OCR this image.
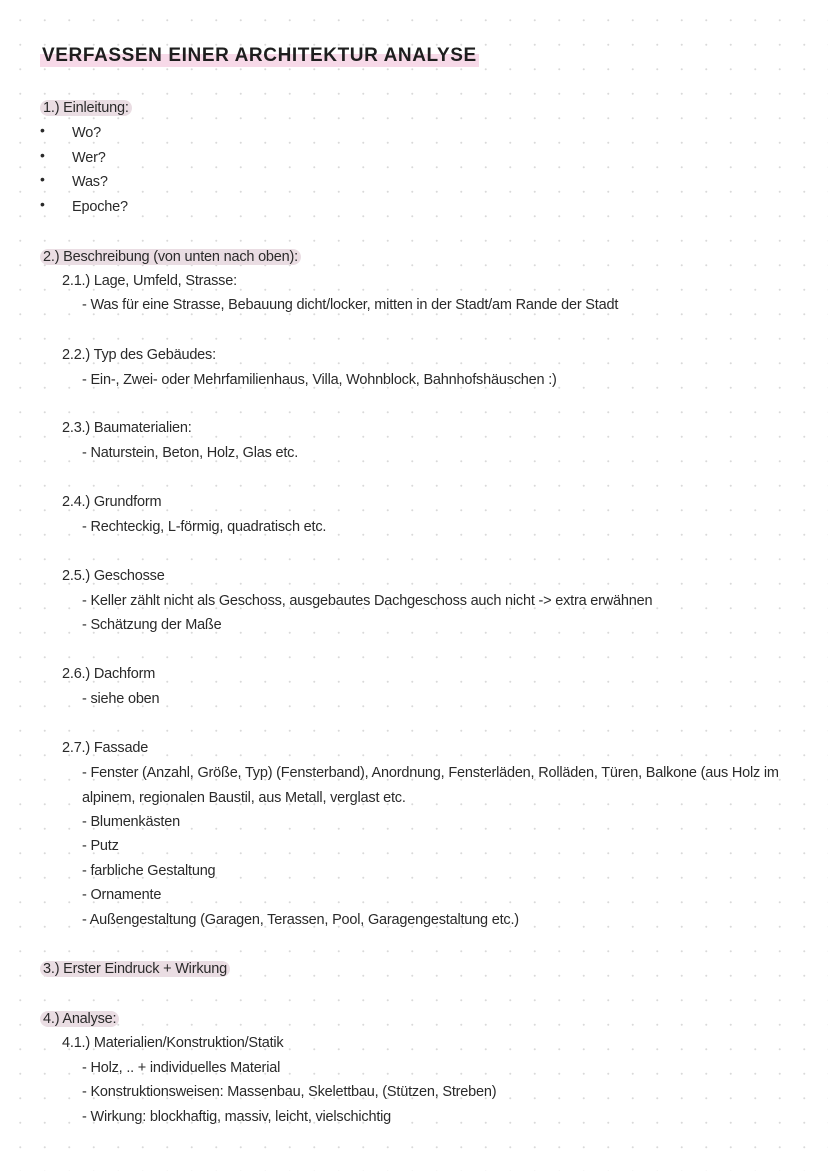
VERFASSEN EINER ARCHITEKTUR ANALYSE
1.) Einleitung:
• Wo?
• Wer?
• Was?
• Epoche?
2.) Beschreibung (von unten nach oben):
2.1.) Lage, Umfeld, Strasse:
- Was für eine Strasse, Bebauung dicht/locker, mitten in der Stadt/am Rande der Stadt
2.2.) Typ des Gebäudes:
- Ein-, Zwei- oder Mehrfamilienhaus, Villa, Wohnblock, Bahnhofshäuschen :)
2.3.) Baumaterialien:
- Naturstein, Beton, Holz, Glas etc.
2.4.) Grundform
- Rechteckig, L-förmig, quadratisch etc.
2.5.) Geschosse
- Keller zählt nicht als Geschoss, ausgebautes Dachgeschoss auch nicht -> extra erwähnen
- Schätzung der Maße
2.6.) Dachform
- siehe oben
2.7.) Fassade
- Fenster (Anzahl, Größe, Typ) (Fensterband), Anordnung, Fensterläden, Rolläden, Türen, Balkone (aus Holz im
alpinem, regionalen Baustil, aus Metall, verglast etc.
- Blumenkästen
- Putz
- farbliche Gestaltung
- Ornamente
- Außengestaltung (Garagen, Terassen, Pool, Garagengestaltung etc.)
3.) Erster Eindruck + Wirkung
4.) Analyse:
4.1.) Materialien/Konstruktion/Statik
- Holz, .. + individuelles Material
- Konstruktionsweisen: Massenbau, Skelettbau, (Stützen, Streben)
- Wirkung: blockhaftig, massiv, leicht, vielschichtig
